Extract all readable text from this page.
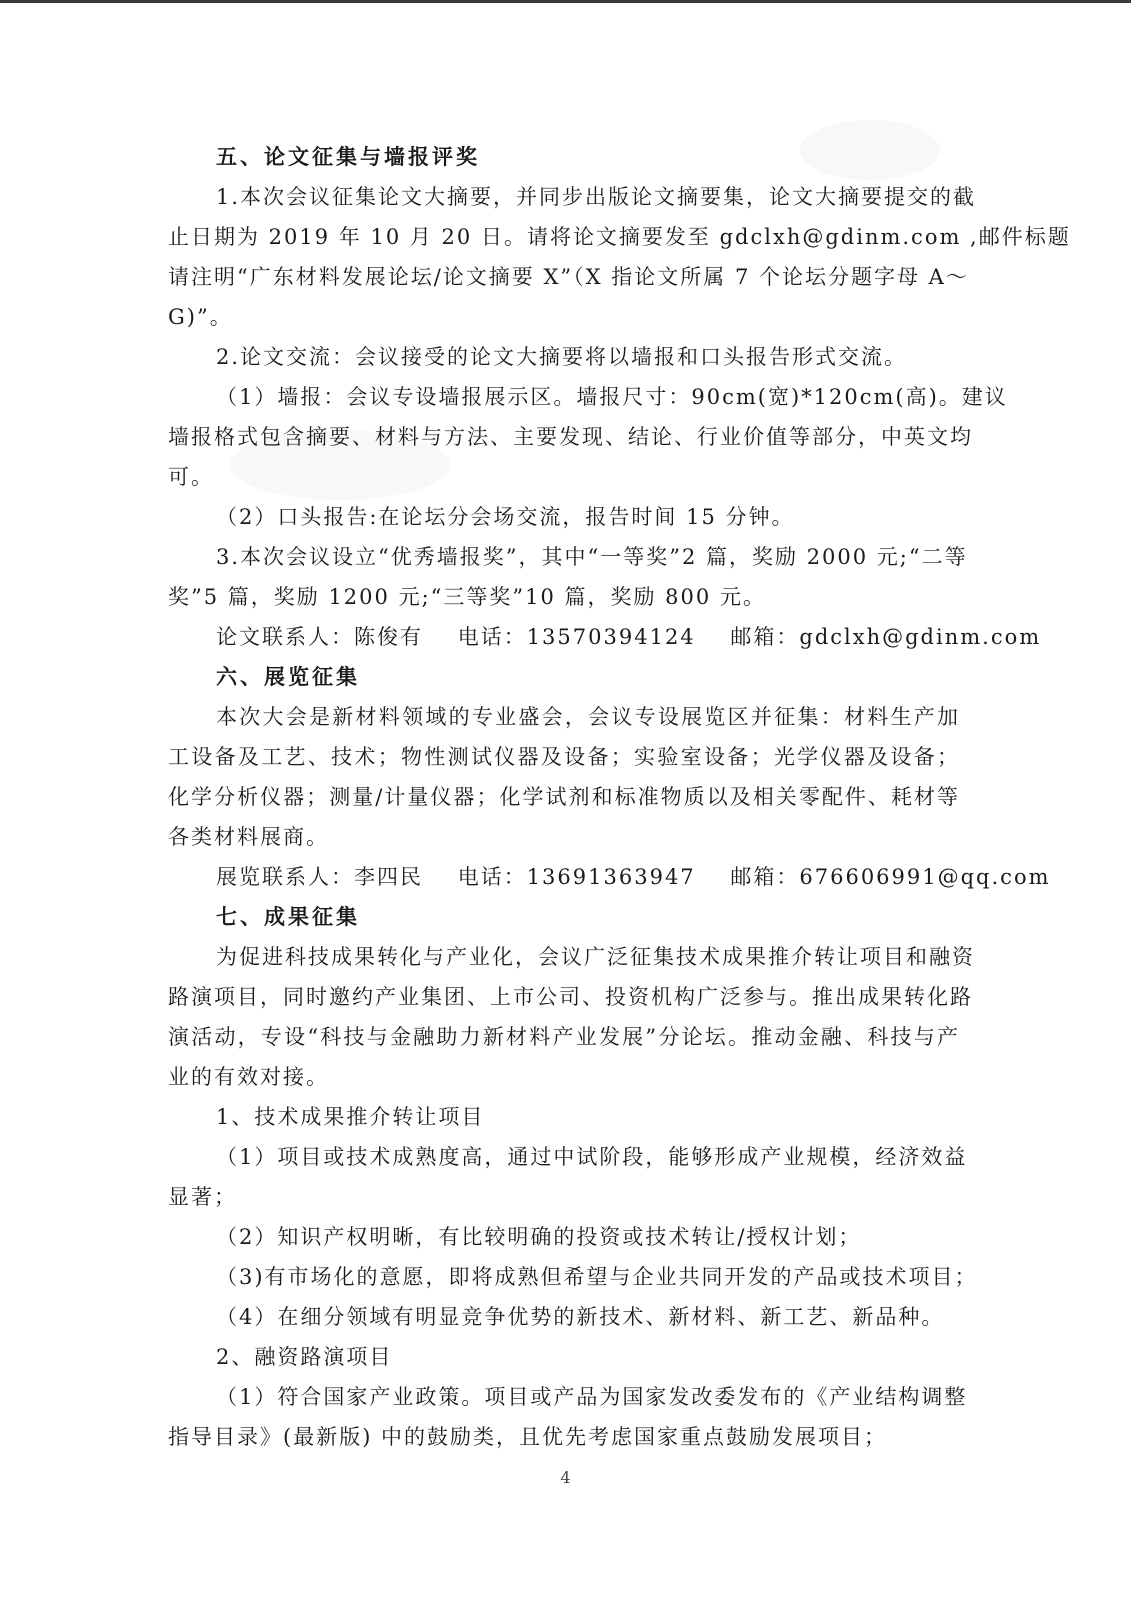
五、论文征集与墙报评奖
1.本次会议征集论文大摘要，并同步出版论文摘要集，论文大摘要提交的截
止日期为 2019 年 10 月 20 日。请将论文摘要发至 gdclxh@gdinm.com ,邮件标题
请注明“广东材料发展论坛/论文摘要 X”（X 指论文所属 7 个论坛分题字母 A～
G)”。
2.论文交流：会议接受的论文大摘要将以墙报和口头报告形式交流。
（1）墙报：会议专设墙报展示区。墙报尺寸：90cm(宽)*120cm(高)。建议
墙报格式包含摘要、材料与方法、主要发现、结论、行业价值等部分，中英文均
可。
（2）口头报告:在论坛分会场交流，报告时间 15 分钟。
3.本次会议设立“优秀墙报奖”，其中“一等奖”2 篇，奖励 2000 元;“二等
奖”5 篇，奖励 1200 元;“三等奖”10 篇，奖励 800 元。
论文联系人：陈俊有    电话：13570394124    邮箱：gdclxh@gdinm.com
六、展览征集
本次大会是新材料领域的专业盛会，会议专设展览区并征集：材料生产加
工设备及工艺、技术；物性测试仪器及设备；实验室设备；光学仪器及设备；
化学分析仪器；测量/计量仪器；化学试剂和标准物质以及相关零配件、耗材等
各类材料展商。
展览联系人：李四民    电话：13691363947    邮箱：676606991@qq.com
七、成果征集
为促进科技成果转化与产业化，会议广泛征集技术成果推介转让项目和融资
路演项目，同时邀约产业集团、上市公司、投资机构广泛参与。推出成果转化路
演活动，专设“科技与金融助力新材料产业发展”分论坛。推动金融、科技与产
业的有效对接。
1、技术成果推介转让项目
（1）项目或技术成熟度高，通过中试阶段，能够形成产业规模，经济效益
显著；
（2）知识产权明晰，有比较明确的投资或技术转让/授权计划；
（3)有市场化的意愿，即将成熟但希望与企业共同开发的产品或技术项目；
（4）在细分领域有明显竞争优势的新技术、新材料、新工艺、新品种。
2、融资路演项目
（1）符合国家产业政策。项目或产品为国家发改委发布的《产业结构调整
指导目录》(最新版) 中的鼓励类，且优先考虑国家重点鼓励发展项目；
4
